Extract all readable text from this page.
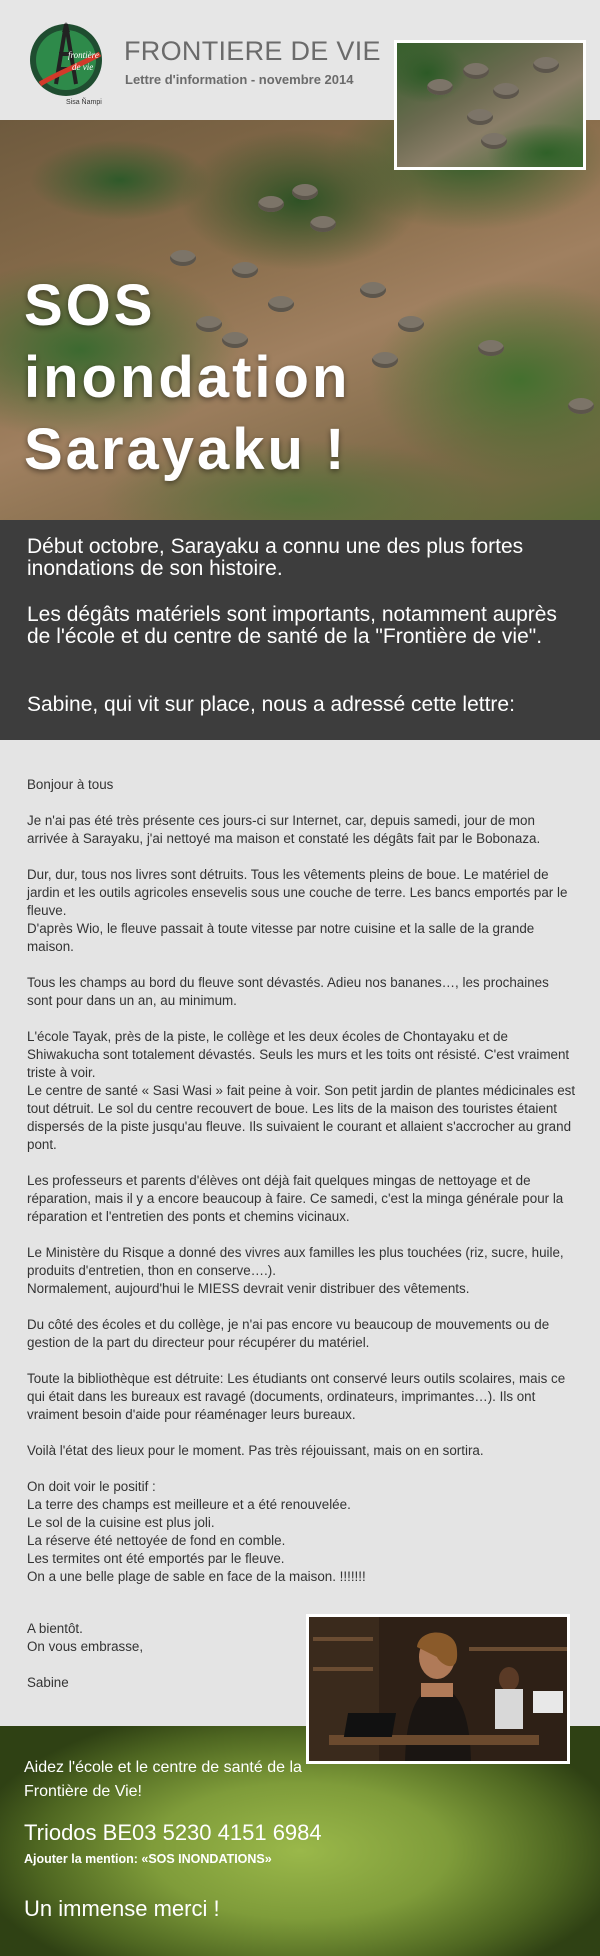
frontière
de vie
Sisa Ñampi
FRONTIERE DE VIE
Lettre d'information - novembre 2014
SOS
inondation
Sarayaku !

Début octobre, Sarayaku a connu une des plus fortes inondations de son histoire.

Les dégâts matériels sont importants, notamment auprès de l'école et du centre de santé de la "Frontière de vie".

Sabine, qui vit sur place, nous a adressé cette lettre:

Bonjour à tous

Je n'ai pas été très présente ces jours-ci sur Internet, car, depuis samedi, jour de mon arrivée à Sarayaku, j'ai nettoyé ma maison et constaté les dégâts fait par le Bobonaza.

Dur, dur, tous nos livres sont détruits. Tous les vêtements pleins de boue. Le matériel de jardin et les outils agricoles ensevelis sous une couche de terre. Les bancs emportés par le fleuve.
D'après Wio, le fleuve passait à toute vitesse par notre cuisine et la salle de la grande maison.

Tous les champs au bord du fleuve sont dévastés. Adieu nos bananes…, les prochaines sont pour dans un an, au minimum.

L'école Tayak, près de la piste, le collège et les deux écoles de Chontayaku et de Shiwakucha sont totalement dévastés. Seuls les murs et les toits ont résisté. C'est vraiment triste à voir.
Le centre de santé « Sasi Wasi » fait peine à voir. Son petit jardin de plantes médicinales est tout détruit. Le sol du centre recouvert de boue. Les lits de la maison des touristes étaient dispersés de la piste jusqu'au fleuve. Ils suivaient le courant et allaient s'accrocher au grand pont.

Les professeurs et parents d'élèves ont déjà fait quelques mingas de nettoyage et de réparation, mais il y a encore beaucoup à faire. Ce samedi, c'est la minga générale pour la réparation et l'entretien des ponts et chemins vicinaux.

Le Ministère du Risque a donné des vivres aux familles les plus touchées (riz, sucre, huile, produits d'entretien, thon en conserve….).
Normalement, aujourd'hui le MIESS devrait venir distribuer des vêtements.

Du côté des écoles et du collège, je n'ai pas encore vu beaucoup de mouvements ou de gestion de la part du directeur pour récupérer du matériel.

Toute la bibliothèque est détruite: Les étudiants ont conservé leurs outils scolaires, mais ce qui était dans les bureaux est ravagé (documents, ordinateurs, imprimantes…). Ils ont vraiment besoin d'aide pour réaménager leurs bureaux.

Voilà l'état des lieux pour le moment. Pas très réjouissant, mais on en sortira.

On doit voir le positif :
La terre des champs est meilleure et a été renouvelée.
Le sol de la cuisine est plus joli.
La réserve été nettoyée de fond en comble.
Les termites ont été emportés par le fleuve.
On a une belle plage de sable en face de la maison. !!!!!!!

A bientôt.
On vous embrasse,

Sabine

Aidez l'école et le centre de santé de la Frontière de Vie!
Triodos BE03 5230 4151 6984
Ajouter la mention: «SOS INONDATIONS»
Un immense merci !
